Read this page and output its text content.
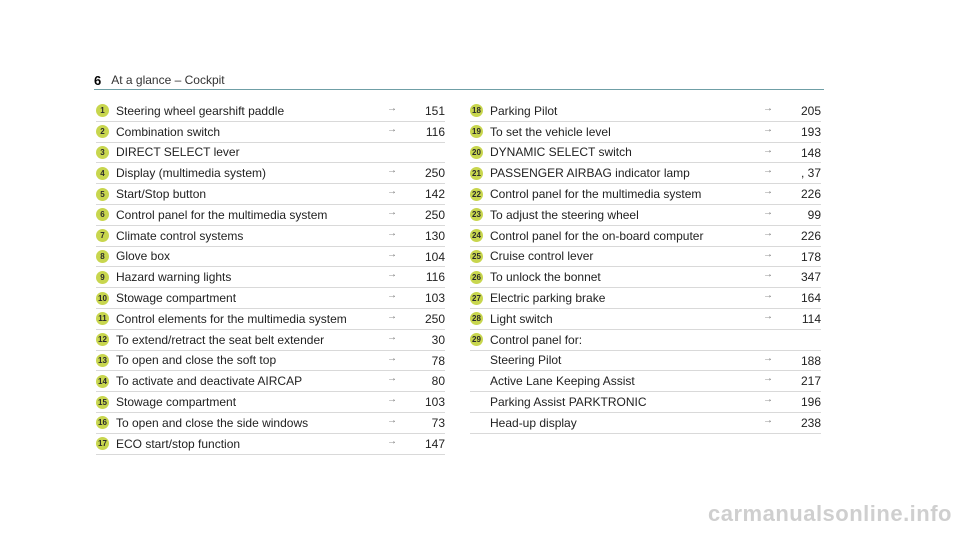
6 At a glance – Cockpit
1 Steering wheel gearshift paddle	→	151
2 Combination switch	→	116
3 DIRECT SELECT lever
4 Display (multimedia system)	→	250
5 Start/Stop button	→	142
6 Control panel for the multimedia system	→	250
7 Climate control systems	→	130
8 Glove box	→	104
9 Hazard warning lights	→	116
10 Stowage compartment	→	103
11 Control elements for the multimedia system	→	250
12 To extend/retract the seat belt extender	→	30
13 To open and close the soft top	→	78
14 To activate and deactivate AIRCAP	→	80
15 Stowage compartment	→	103
16 To open and close the side windows	→	73
17 ECO start/stop function	→	147
18 Parking Pilot	→	205
19 To set the vehicle level	→	193
20 DYNAMIC SELECT switch	→	148
21 PASSENGER AIRBAG indicator lamp	→	, 37
22 Control panel for the multimedia system	→	226
23 To adjust the steering wheel	→	99
24 Control panel for the on-board computer	→	226
25 Cruise control lever	→	178
26 To unlock the bonnet	→	347
27 Electric parking brake	→	164
28 Light switch	→	114
29 Control panel for:
Steering Pilot	→	188
Active Lane Keeping Assist	→	217
Parking Assist PARKTRONIC	→	196
Head-up display	→	238
carmanualsonline.info
